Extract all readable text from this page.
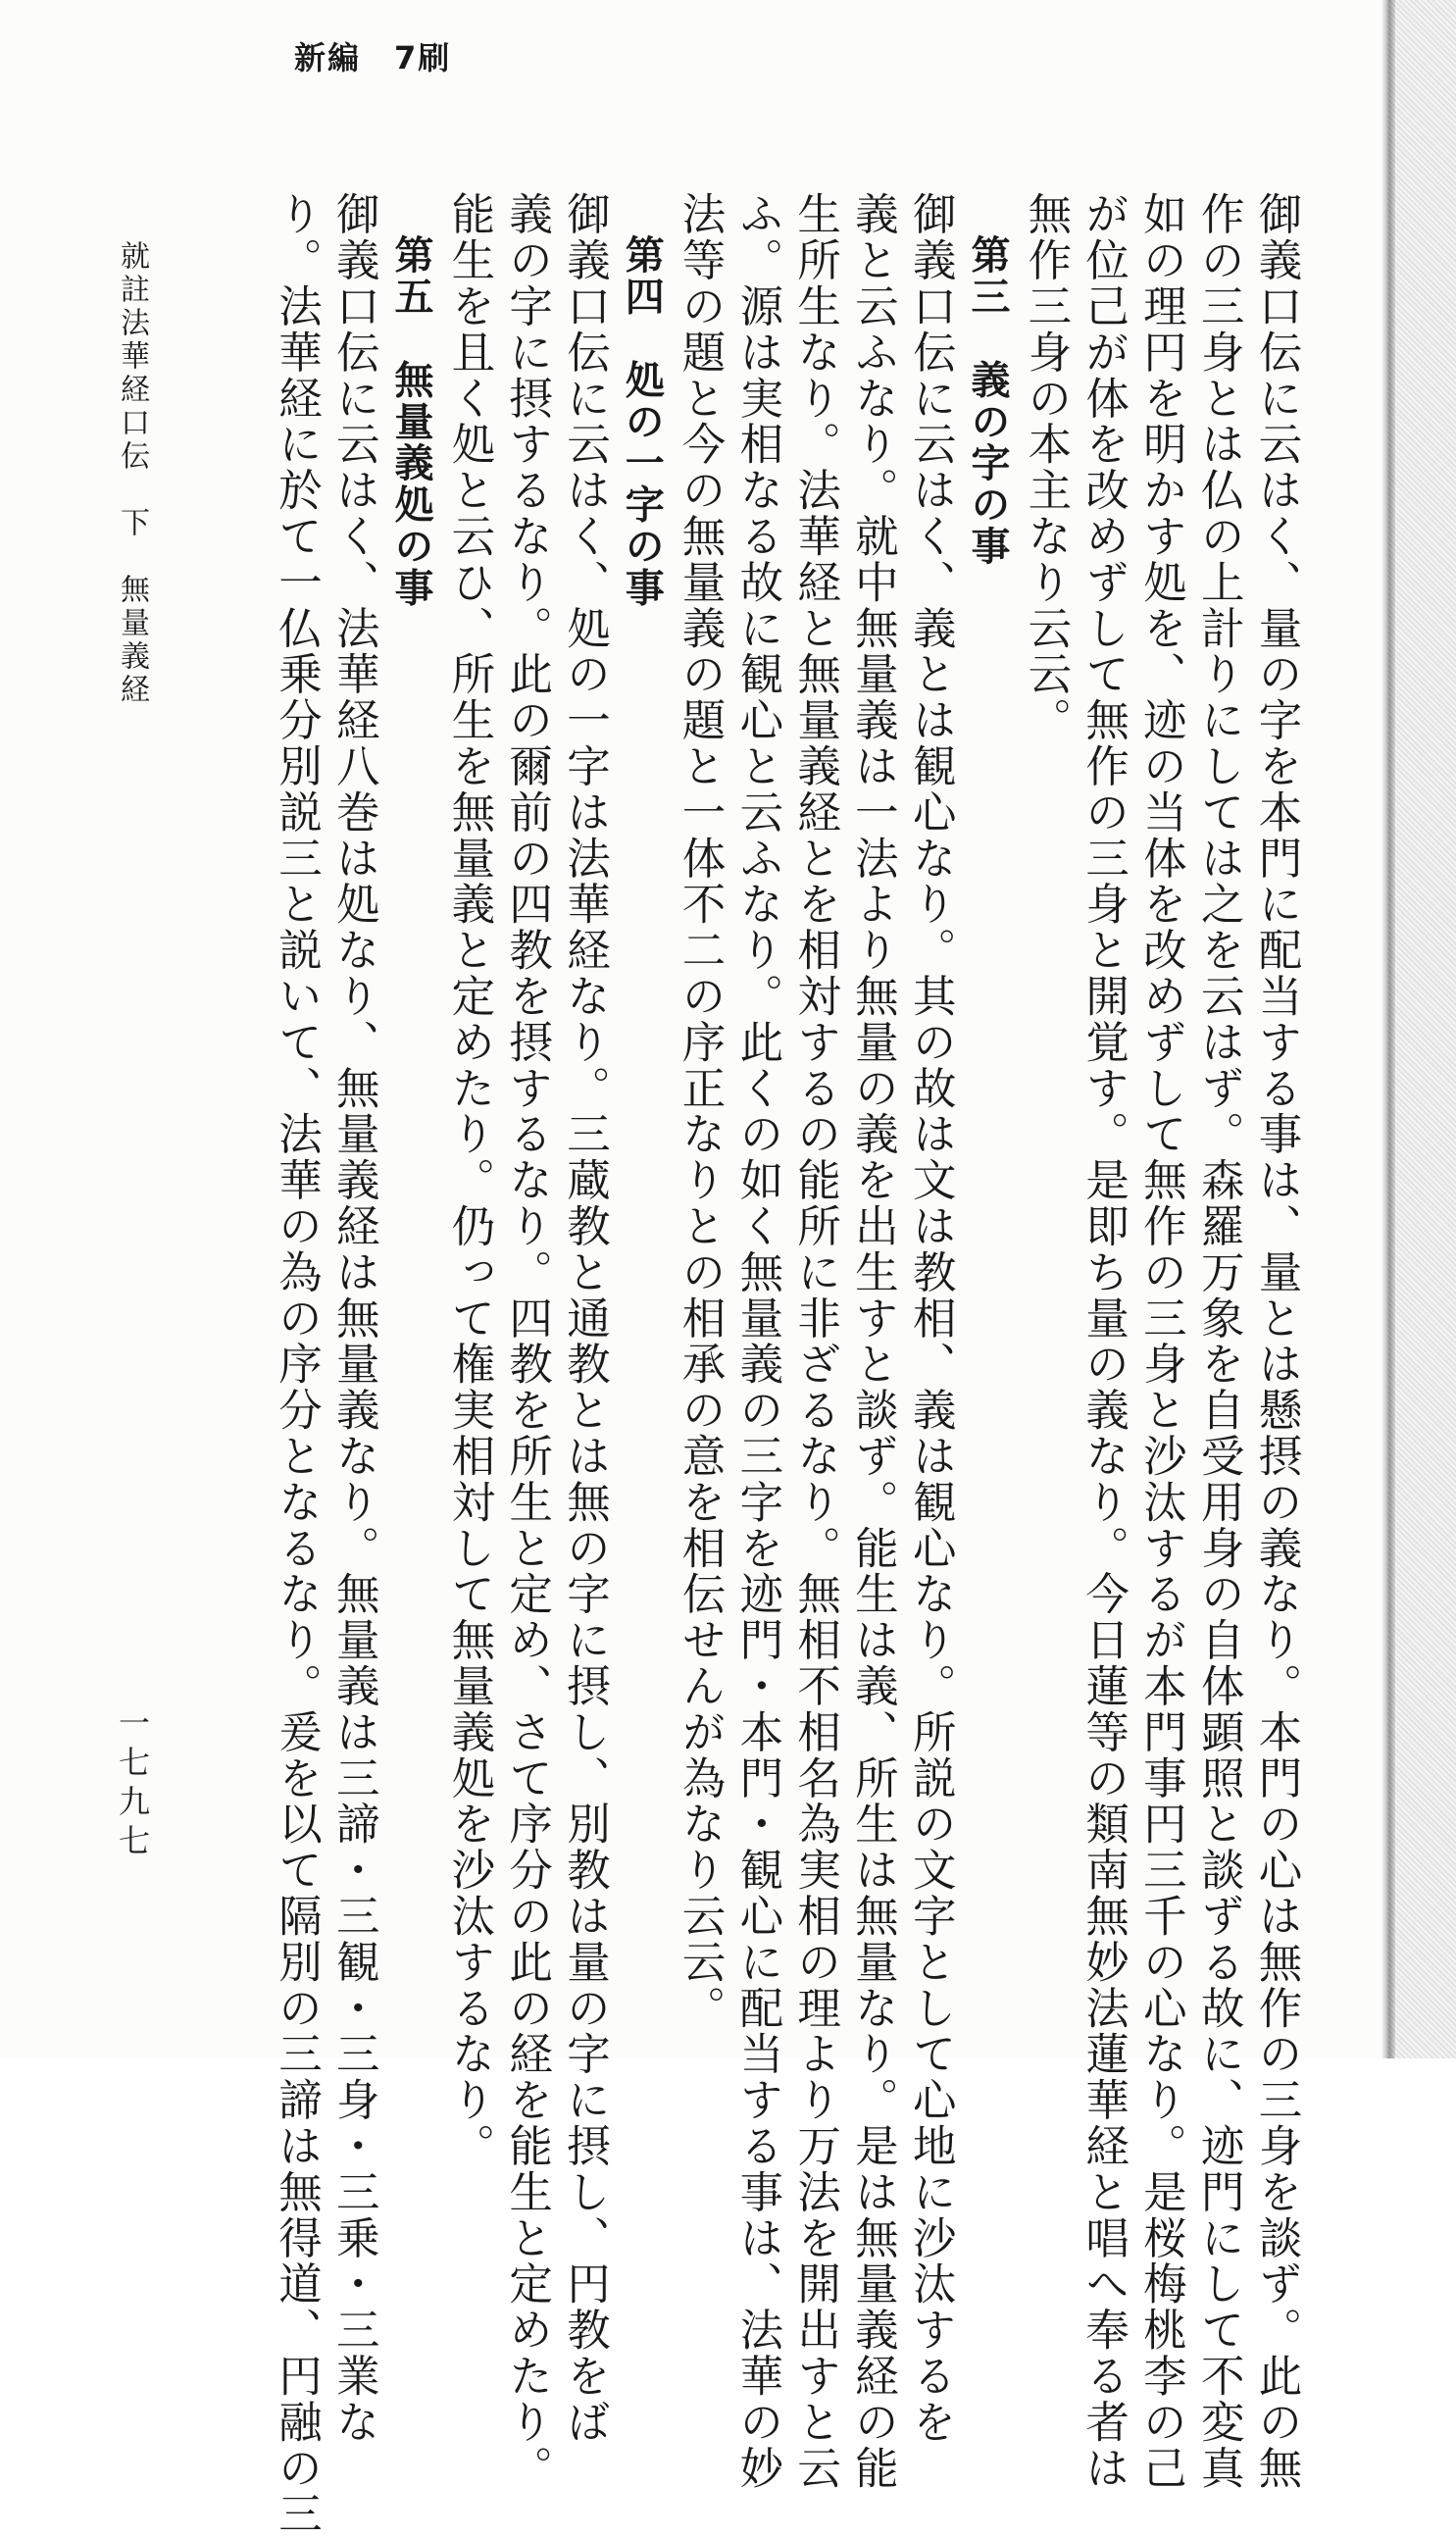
新編　7刷
御義口伝に云はく、量の字を本門に配当する事は、量とは懸摂の義なり。本門の心は無作の三身を談ず。此の無
作の三身とは仏の上計りにしては之を云はず。森羅万象を自受用身の自体顕照と談ずる故に、迹門にして不変真
如の理円を明かす処を、迹の当体を改めずして無作の三身と沙汰するが本門事円三千の心なり。是桜梅桃李の己
が位己が体を改めずして無作の三身と開覚す。是即ち量の義なり。今日蓮等の類南無妙法蓮華経と唱へ奉る者は
無作三身の本主なり云云。
第三　義の字の事
御義口伝に云はく、義とは観心なり。其の故は文は教相、義は観心なり。所説の文字として心地に沙汰するを
義と云ふなり。就中無量義は一法より無量の義を出生すと談ず。能生は義、所生は無量なり。是は無量義経の能
生所生なり。法華経と無量義経とを相対するの能所に非ざるなり。無相不相名為実相の理より万法を開出すと云
ふ。源は実相なる故に観心と云ふなり。此くの如く無量義の三字を迹門・本門・観心に配当する事は、法華の妙
法等の題と今の無量義の題と一体不二の序正なりとの相承の意を相伝せんが為なり云云。
第四　処の一字の事
御義口伝に云はく、処の一字は法華経なり。三蔵教と通教とは無の字に摂し、別教は量の字に摂し、円教をば
義の字に摂するなり。此の爾前の四教を摂するなり。四教を所生と定め、さて序分の此の経を能生と定めたり。
能生を且く処と云ひ、所生を無量義と定めたり。仍って権実相対して無量義処を沙汰するなり。
第五　無量義処の事
御義口伝に云はく、法華経八巻は処なり、無量義経は無量義なり。無量義は三諦・三観・三身・三乗・三業な
り。法華経に於て一仏乗分別説三と説いて、法華の為の序分となるなり。爰を以て隔別の三諦は無得道、円融の三
就註法華経口伝　下　無量義経
一七九七
